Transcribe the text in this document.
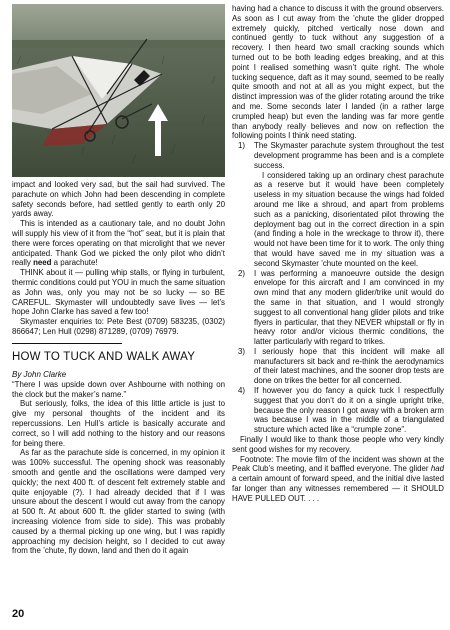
impact and looked very sad, but the sail had survived. The parachute on which John had been descending in complete safety seconds before, had settled gently to earth only 20 yards away.

This is intended as a cautionary tale, and no doubt John will supply his view of it from the “hot” seat, but it is plain that there were forces operating on that microlight that we never anticipated. Thank God we picked the only pilot who didn’t really need a parachute!

THINK about it — pulling whip stalls, or flying in turbulent, thermic conditions could put YOU in much the same situation as John was, only you may not be so lucky — so BE CAREFUL. Skymaster will undoubtedly save lives — let’s hope John Clarke has saved a few too!

Skymaster enquiries to: Pete Best (0709) 583235, (0302) 866647; Len Hull (0298) 871289, (0709) 76979.

HOW TO TUCK AND WALK AWAY

By John Clarke

“There I was upside down over Ashbourne with nothing on the clock but the maker’s name.”

But seriously, folks, the idea of this little article is just to give my personal thoughts of the incident and its repercussions. Len Hull’s article is basically accurate and correct, so I will add nothing to the history and our reasons for being there.

As far as the parachute side is concerned, in my opinion it was 100% successful. The opening shock was reasonably smooth and gentle and the oscillations were damped very quickly; the next 400 ft. of descent felt extremely stable and quite enjoyable (?). I had already decided that if I was unsure about the descent I would cut away from the canopy at 500 ft. At about 600 ft. the glider started to swing (with increasing violence from side to side). This was probably caused by a thermal picking up one wing, but I was rapidly approaching my decision height, so I decided to cut away from the ’chute, fly down, land and then do it again

having had a chance to discuss it with the ground observers. As soon as I cut away from the ’chute the glider dropped extremely quickly, pitched vertically nose down and continued gently to tuck without any suggestion of a recovery. I then heard two small cracking sounds which turned out to be both leading edges breaking, and at this point I realised something wasn’t quite right. The whole tucking sequence, daft as it may sound, seemed to be really quite smooth and not at all as you might expect, but the distinct impression was of the glider rotating around the trike and me. Some seconds later I landed (in a rather large crumpled heap) but even the landing was far more gentle than anybody really believes and now on reflection the following points I think need stating.

1) The Skymaster parachute system throughout the test development programme has been and is a complete success.

I considered taking up an ordinary chest parachute as a reserve but it would have been completely useless in my situation because the wings had folded around me like a shroud, and apart from problems such as a panicking, disorientated pilot throwing the deployment bag out in the correct direction in a spin (and finding a hole in the wreckage to throw it), there would not have been time for it to work. The only thing that would have saved me in my situation was a second Skymaster ’chute mounted on the keel.

2) I was performing a manoeuvre outside the design envelope for this aircraft and I am convinced in my own mind that any modern glider/trike unit would do the same in that situation, and I would strongly suggest to all conventional hang glider pilots and trike flyers in particular, that they NEVER whipstall or fly in heavy rotor and/or vicious thermic conditions, the latter particularly with regard to trikes.

3) I seriously hope that this incident will make all manufacturers sit back and re-think the aerodynamics of their latest machines, and the sooner drop tests are done on trikes the better for all concerned.

4) If however you do fancy a quick tuck I respectfully suggest that you don’t do it on a single upright trike, because the only reason I got away with a broken arm was because I was in the middle of a triangulated structure which acted like a “crumple zone”.

Finally I would like to thank those people who very kindly sent good wishes for my recovery.

Footnote: The movie film of the incident was shown at the Peak Club’s meeting, and it baffled everyone. The glider had a certain amount of forward speed, and the initial dive lasted far longer than any witnesses remembered — it SHOULD HAVE PULLED OUT. . . .

20
